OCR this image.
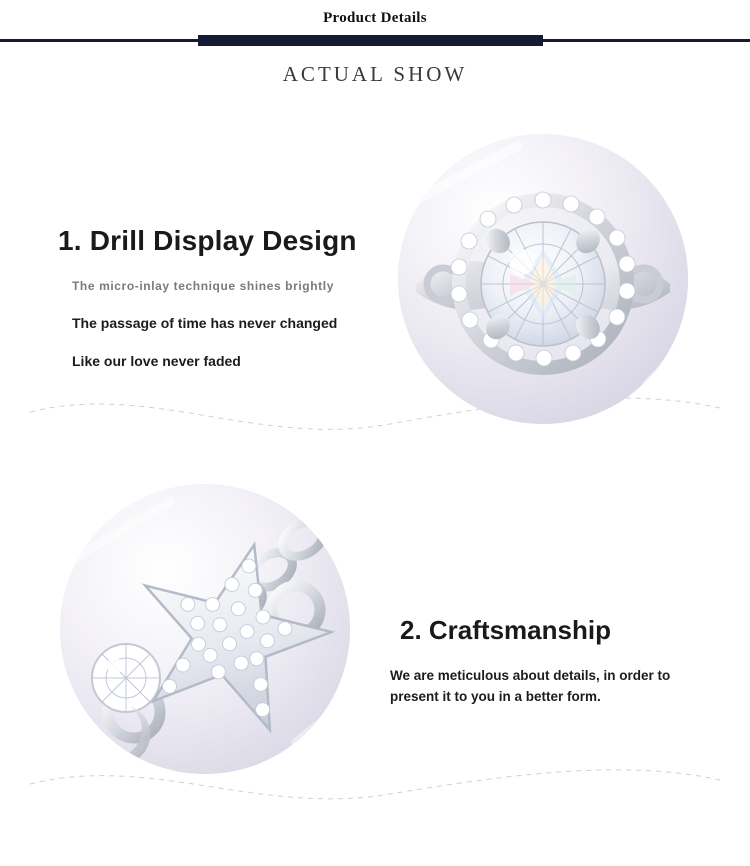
Product Details
ACTUAL SHOW

1. Drill Display Design

The micro-inlay technique shines brightly

The passage of time has never changed

Like our love never faded

2. Craftsmanship

We are meticulous about details, in order to present it to you in a better form.
